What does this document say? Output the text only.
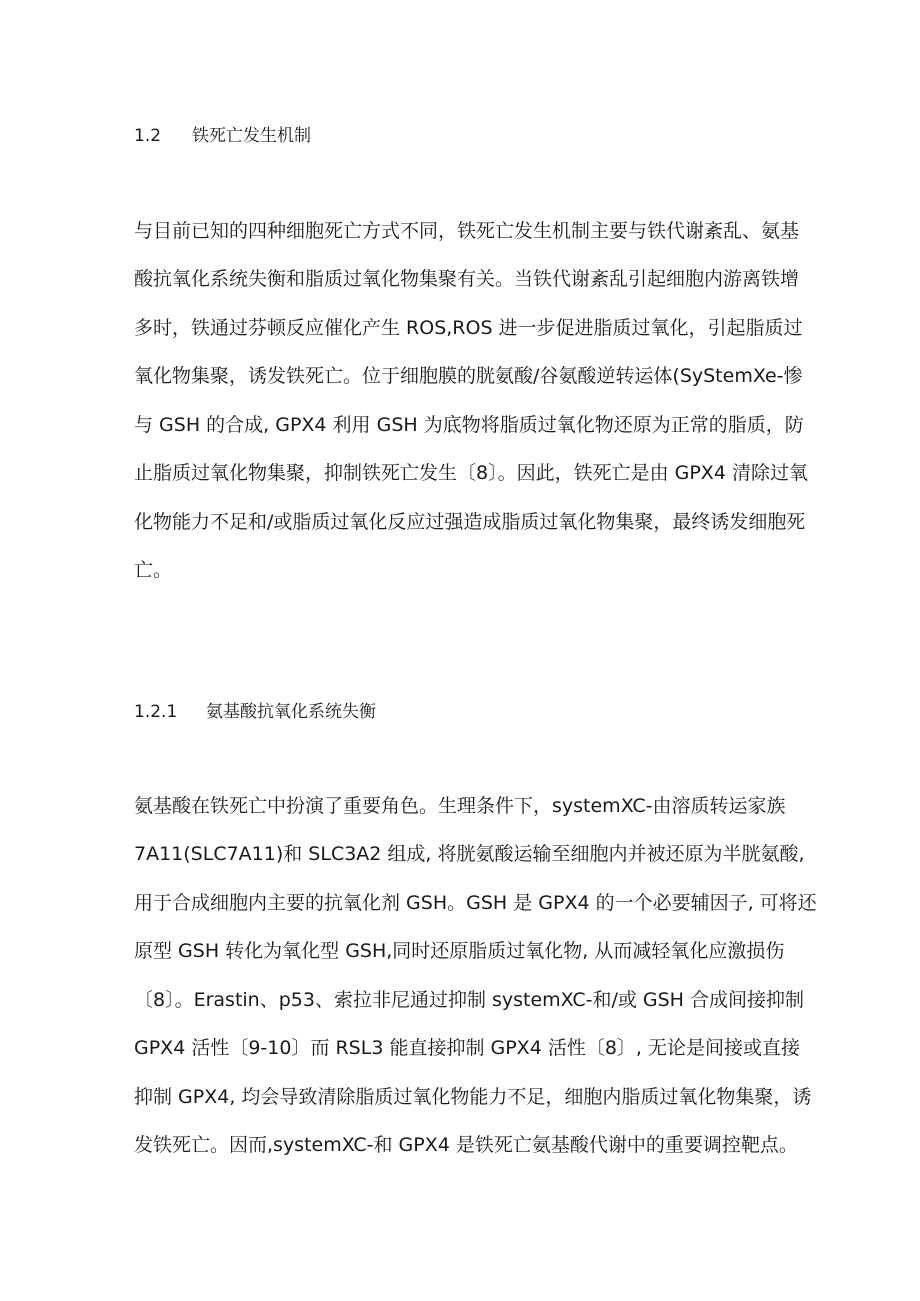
1.2 铁死亡发生机制
与目前已知的四种细胞死亡方式不同，铁死亡发生机制主要与铁代谢紊乱、氨基
酸抗氧化系统失衡和脂质过氧化物集聚有关。当铁代谢紊乱引起细胞内游离铁增
多时，铁通过芬顿反应催化产生 ROS,ROS 进一步促进脂质过氧化，引起脂质过
氧化物集聚，诱发铁死亡。位于细胞膜的胱氨酸/谷氨酸逆转运体(SyStemXe-惨
与 GSH 的合成, GPX4 利用 GSH 为底物将脂质过氧化物还原为正常的脂质，防
止脂质过氧化物集聚，抑制铁死亡发生〔8〕。因此，铁死亡是由 GPX4 清除过氧
化物能力不足和/或脂质过氧化反应过强造成脂质过氧化物集聚，最终诱发细胞死
亡。
1.2.1 氨基酸抗氧化系统失衡
氨基酸在铁死亡中扮演了重要角色。生理条件下，systemXC-由溶质转运家族
7A11(SLC7A11)和 SLC3A2 组成, 将胱氨酸运输至细胞内并被还原为半胱氨酸,
用于合成细胞内主要的抗氧化剂 GSH。GSH 是 GPX4 的一个必要辅因子, 可将还
原型 GSH 转化为氧化型 GSH,同时还原脂质过氧化物, 从而减轻氧化应激损伤
〔8〕。Erastin、p53、索拉非尼通过抑制 systemXC-和/或 GSH 合成间接抑制
GPX4 活性〔9-10〕而 RSL3 能直接抑制 GPX4 活性〔8〕, 无论是间接或直接
抑制 GPX4, 均会导致清除脂质过氧化物能力不足，细胞内脂质过氧化物集聚，诱
发铁死亡。因而,systemXC-和 GPX4 是铁死亡氨基酸代谢中的重要调控靶点。
